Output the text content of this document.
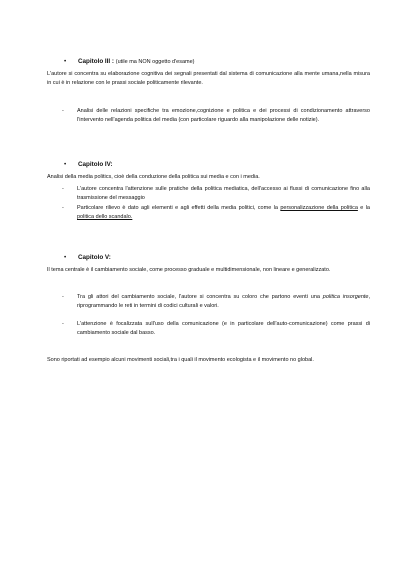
• Capitolo III : (utile ma NON oggetto d'esame)
L'autore si concentra su elaborazione cognitiva dei segnali presentati dal sistema di comunicazione alla mente umana,nella misura in cui è in relazione con le prassi sociale politicamente rilevante.
- Analisi delle relazioni specifiche tra emozione,cognizione e politica e dei processi di condizionamento attraverso l'intervento nell'agenda politica del media (con particolare riguardo alla manipolazione delle notizie).
• Capitolo IV:
Analisi della media politics, cioè della conduzione della politica sui media e con i media.
- L'autore concentra l'attenzione sulle pratiche della politica mediatica, dell'accesso ai flussi di comunicazione fino alla trasmissione del messaggio
- Particolare rilievo è dato agli elementi e agli effetti della media politici, come la personalizzazione della politica e la politica dello scandalo.
• Capitolo V:
Il tema centrale è il cambiamento sociale, come processo graduale e multidimensionale, non lineare e generalizzato.
- Tra gli attori del cambiamento sociale, l'autore si concentra su coloro che partono eventi una politica insorgente, riprogrammando le reti in termini di codici culturali e valori.
- L'attenzione è focalizzata sull'uso della comunicazione (e in particolare dell'auto-comunicazione) come prassi di cambiamento sociale dal basso.
Sono riportati ad esempio alcuni movimenti sociali,tra i quali il movimento ecologista e il movimento no global.
